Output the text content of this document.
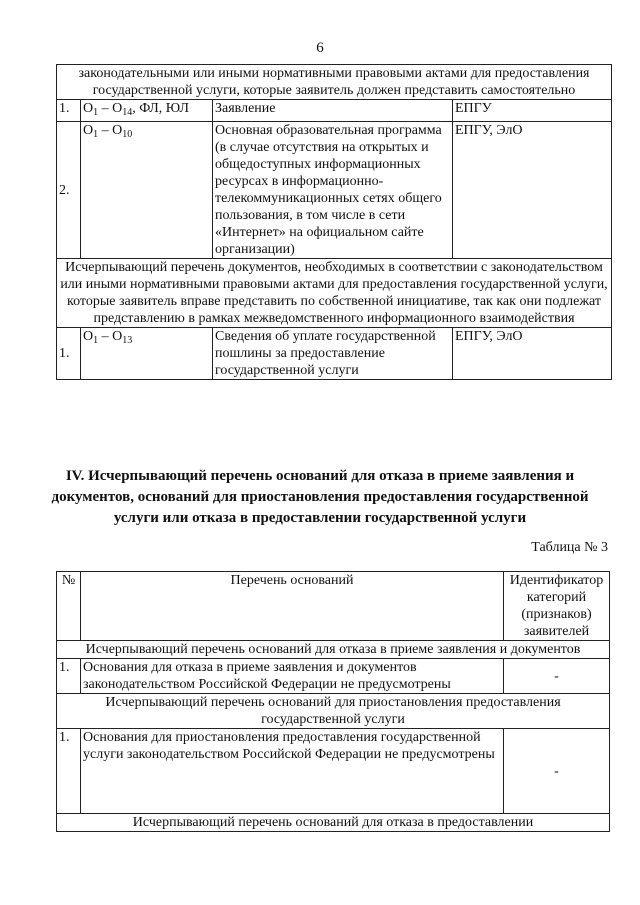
6
законодательными или иными нормативными правовыми актами для предоставления государственной услуги, которые заявитель должен представить самостоятельно			
1.	$O_1 - O_{14}$, ФЛ, ЮЛ	Заявление	ЕПГУ
2.	$O_1 - O_{10}$	Основная образовательная программа (в случае отсутствия на открытых и общедоступных информационных ресурсах в информационно-телекоммуникационных сетях общего пользования, в том числе в сети «Интернет» на официальном сайте организации)	ЕПГУ, ЭлО
Исчерпывающий перечень документов, необходимых в соответствии с законодательством или иными нормативными правовыми актами для предоставления государственной услуги, которые заявитель вправе представить по собственной инициативе, так как они подлежат представлению в рамках межведомственного информационного взаимодействия			
1.	$O_1 - O_{13}$	Сведения об уплате государственной пошлины за предоставление государственной услуги	ЕПГУ, ЭлО
IV. Исчерпывающий перечень оснований для отказа в приеме заявления и документов, оснований для приостановления предоставления государственной услуги или отказа в предоставлении государственной услуги
Таблица № 3
№	Перечень оснований	Идентификатор категорий (признаков) заявителей
Исчерпывающий перечень оснований для отказа в приеме заявления и документов		
1.	Основания для отказа в приеме заявления и документов законодательством Российской Федерации не предусмотрены	-
Исчерпывающий перечень оснований для приостановления предоставления государственной услуги		
1.	Основания для приостановления предоставления государственной услуги законодательством Российской Федерации не предусмотрены	-
Исчерпывающий перечень оснований для отказа в предоставлении		
